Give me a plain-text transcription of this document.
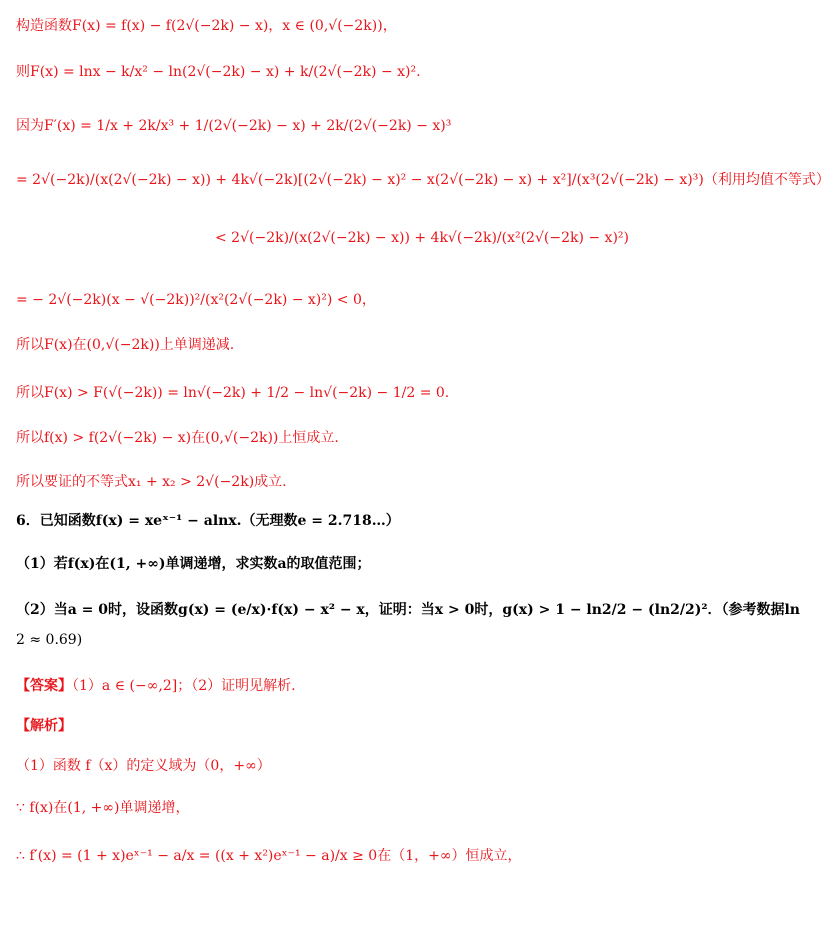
构造函数F(x) = f(x) − f(2√(−2k) − x)，x ∈ (0,√(−2k))，
则F(x) = lnx − k/x² − ln(2√(−2k) − x) + k/(2√(−2k) − x)².
因为F′(x) = 1/x + 2k/x³ + 1/(2√(−2k) − x) + 2k/(2√(−2k) − x)³
= 2√(−2k)/(x(2√(−2k) − x)) + 4k√(−2k)[(2√(−2k) − x)² − x(2√(−2k) − x) + x²]/(x³(2√(−2k) − x)³)（利用均值不等式）
< 2√(−2k)/(x(2√(−2k) − x)) + 4k√(−2k)/(x²(2√(−2k) − x)²)
= − 2√(−2k)(x − √(−2k))²/(x²(2√(−2k) − x)²) < 0，
所以F(x)在(0,√(−2k))上单调递减.
所以F(x) > F(√(−2k)) = ln√(−2k) + 1/2 − ln√(−2k) − 1/2 = 0.
所以f(x) > f(2√(−2k) − x)在(0,√(−2k))上恒成立.
所以要证的不等式x₁ + x₂ > 2√(−2k)成立.
6．已知函数f(x) = xeˣ⁻¹ − alnx.（无理数e = 2.718…）
（1）若f(x)在(1, +∞)单调递增，求实数a的取值范围；
（2）当a = 0时，设函数g(x) = (e/x)·f(x) − x² − x，证明：当x > 0时，g(x) > 1 − ln2/2 − (ln2/2)²．（参考数据ln
2 ≈ 0.69)
【答案】（1）a ∈ (−∞,2]；（2）证明见解析.
【解析】
（1）函数 f（x）的定义域为（0，+∞）
∵ f(x)在(1, +∞)单调递增，
∴ f′(x) = (1 + x)eˣ⁻¹ − a/x = ((x + x²)eˣ⁻¹ − a)/x ≥ 0在（1，+∞）恒成立，
